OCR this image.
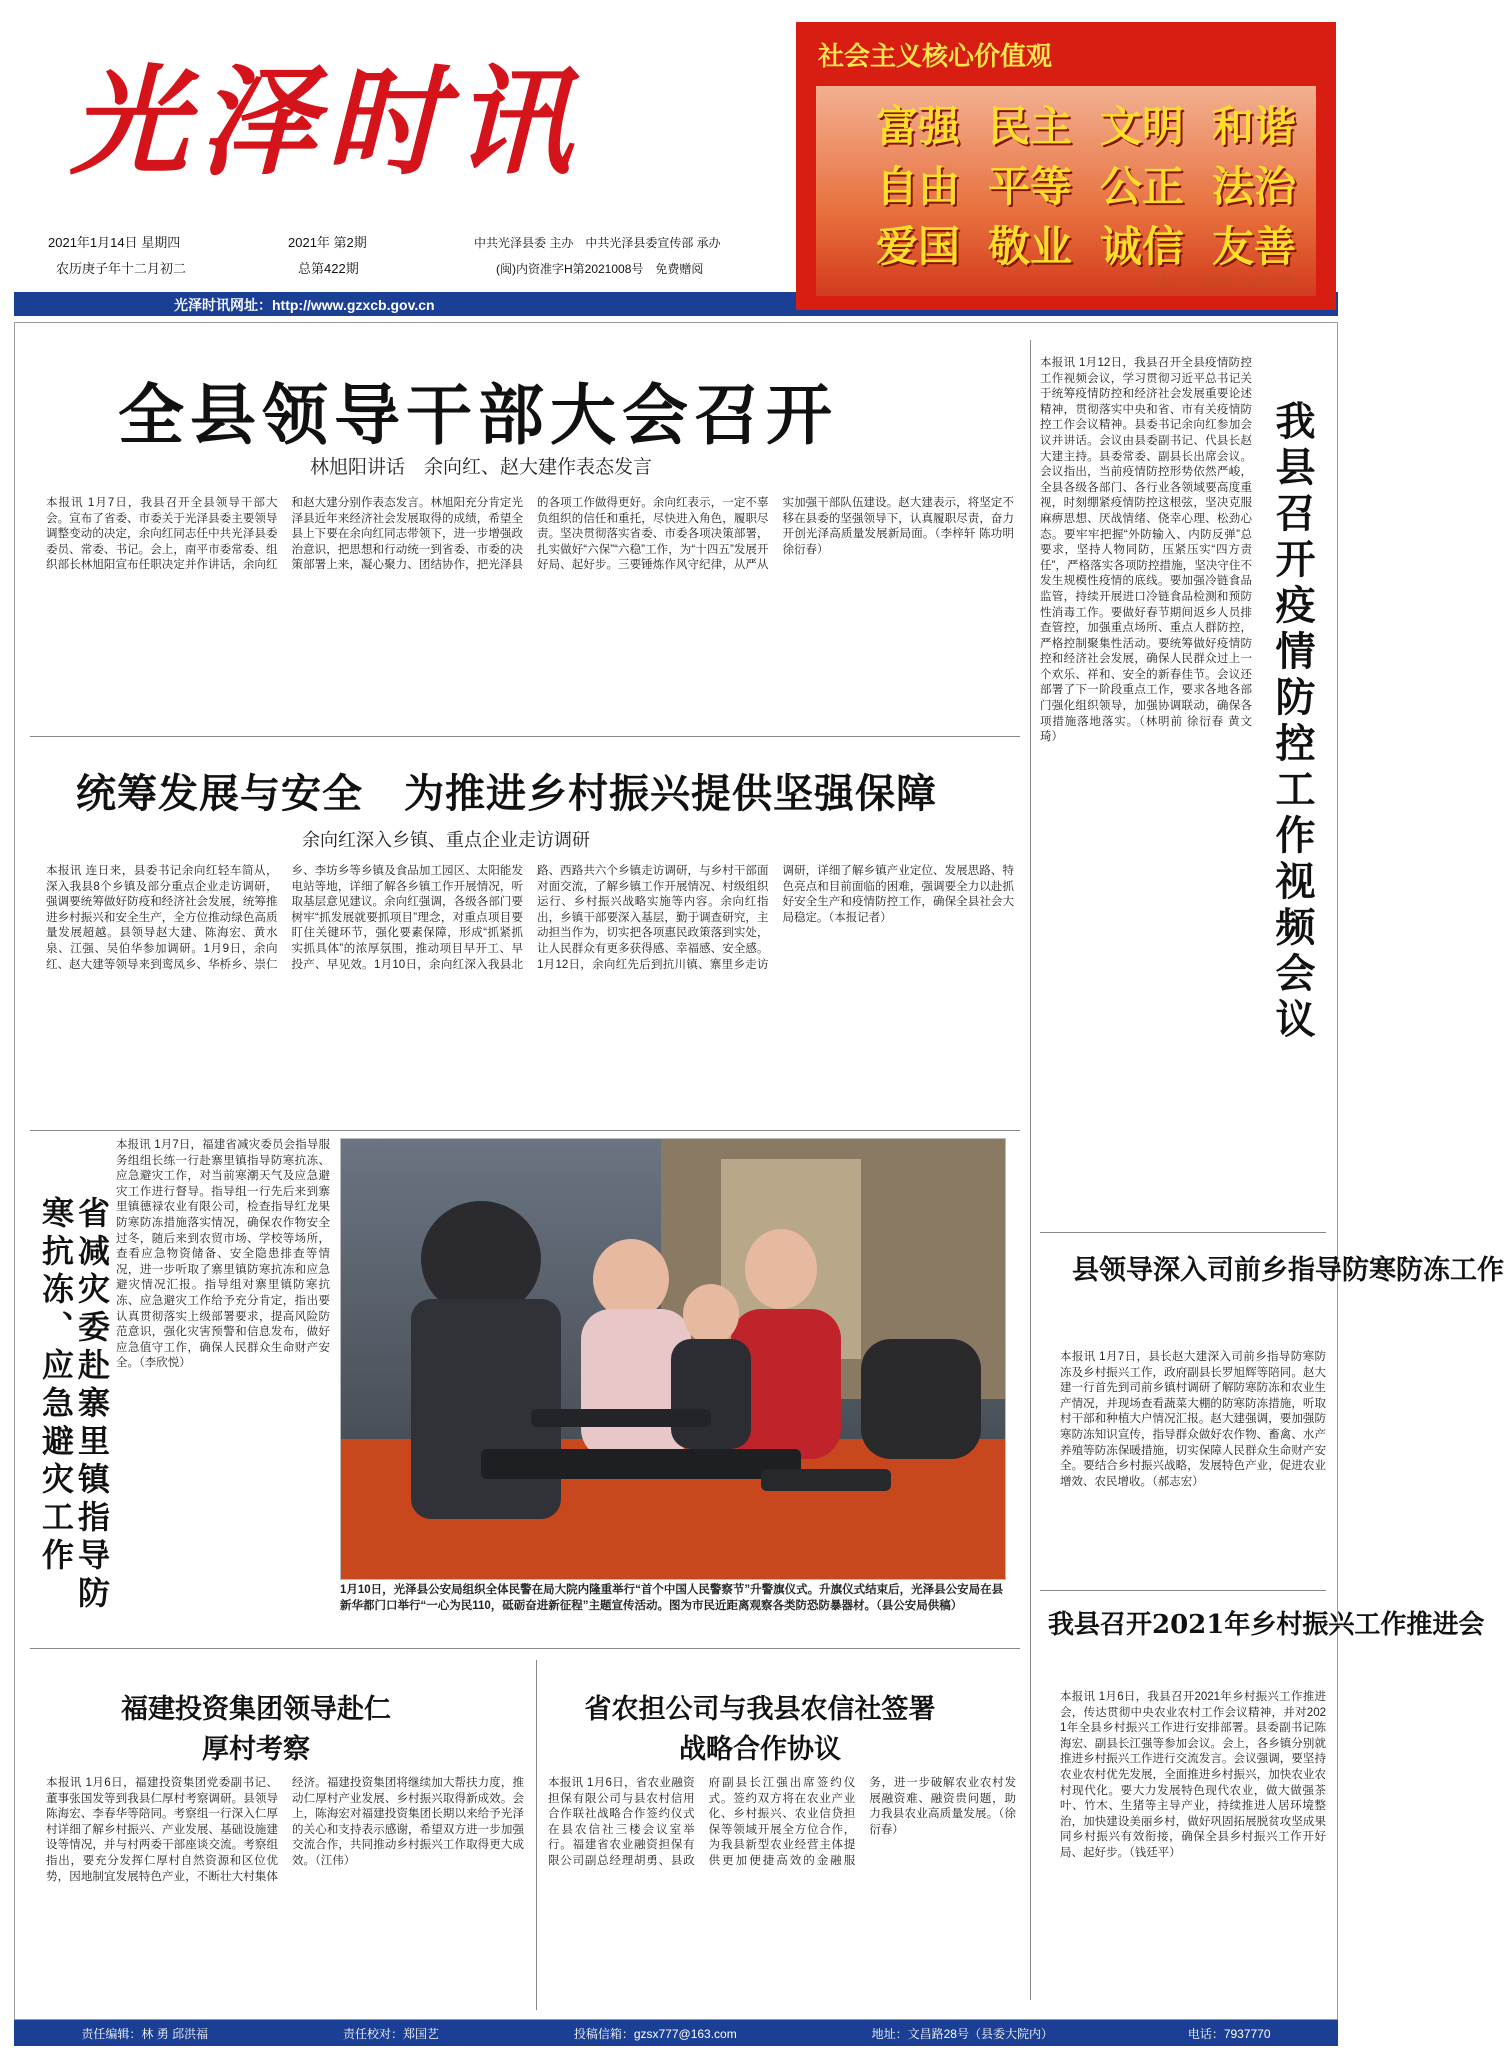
光泽时讯
2021年1月14日 星期四
农历庚子年十二月初二
2021年 第2期
总第422期
中共光泽县委 主办　中共光泽县委宣传部 承办
(闽)内资准字H第2021008号　免费赠阅
光泽时讯网址：http://www.gzxcb.gov.cn
社会主义核心价值观
富强 民主 文明 和谐
自由 平等 公正 法治
爱国 敬业 诚信 友善
中国文明网 公益广告
全县领导干部大会召开
林旭阳讲话　余向红、赵大建作表态发言
本报讯 1月7日，我县召开全县领导干部大会。宣布了省委、市委关于光泽县委主要领导调整变动的决定，余向红同志任中共光泽县委委员、常委、书记。会上，南平市委常委、组织部长林旭阳宣布任职决定并作讲话，余向红和赵大建分别作表态发言。林旭阳充分肯定光泽县近年来经济社会发展取得的成绩，希望全县上下要在余向红同志带领下，进一步增强政治意识，把思想和行动统一到省委、市委的决策部署上来，凝心聚力、团结协作，把光泽县的各项工作做得更好。余向红表示，一定不辜负组织的信任和重托，尽快进入角色，履职尽责。坚决贯彻落实省委、市委各项决策部署，扎实做好“六保”“六稳”工作，为“十四五”发展开好局、起好步。三要锤炼作风守纪律，从严从实加强干部队伍建设。赵大建表示，将坚定不移在县委的坚强领导下，认真履职尽责，奋力开创光泽高质量发展新局面。（李梓轩 陈功明 徐衍春）
统筹发展与安全　为推进乡村振兴提供坚强保障
余向红深入乡镇、重点企业走访调研
本报讯 连日来，县委书记余向红轻车简从，深入我县8个乡镇及部分重点企业走访调研，强调要统筹做好防疫和经济社会发展，统筹推进乡村振兴和安全生产，全方位推动绿色高质量发展超越。县领导赵大建、陈海宏、黄水泉、江强、吴伯华参加调研。1月9日，余向红、赵大建等领导来到鸾凤乡、华桥乡、崇仁乡、李坊乡等乡镇及食品加工园区、太阳能发电站等地，详细了解各乡镇工作开展情况，听取基层意见建议。余向红强调，各级各部门要树牢“抓发展就要抓项目”理念，对重点项目要盯住关键环节，强化要素保障，形成“抓紧抓实抓具体”的浓厚氛围，推动项目早开工、早投产、早见效。1月10日，余向红深入我县北路、西路共六个乡镇走访调研，与乡村干部面对面交流，了解乡镇工作开展情况、村级组织运行、乡村振兴战略实施等内容。余向红指出，乡镇干部要深入基层，勤于调查研究，主动担当作为，切实把各项惠民政策落到实处，让人民群众有更多获得感、幸福感、安全感。1月12日，余向红先后到抗川镇、寨里乡走访调研，详细了解乡镇产业定位、发展思路、特色亮点和目前面临的困难，强调要全力以赴抓好安全生产和疫情防控工作，确保全县社会大局稳定。（本报记者）
本报讯 1月12日，我县召开全县疫情防控工作视频会议，学习贯彻习近平总书记关于统筹疫情防控和经济社会发展重要论述精神，贯彻落实中央和省、市有关疫情防控工作会议精神。县委书记余向红参加会议并讲话。会议由县委副书记、代县长赵大建主持。县委常委、副县长出席会议。会议指出，当前疫情防控形势依然严峻，全县各级各部门、各行业各领域要高度重视，时刻绷紧疫情防控这根弦，坚决克服麻痹思想、厌战情绪、侥幸心理、松劲心态。要牢牢把握“外防输入、内防反弹”总要求，坚持人物同防，压紧压实“四方责任”，严格落实各项防控措施，坚决守住不发生规模性疫情的底线。要加强冷链食品监管，持续开展进口冷链食品检测和预防性消毒工作。要做好春节期间返乡人员排查管控，加强重点场所、重点人群防控，严格控制聚集性活动。要统筹做好疫情防控和经济社会发展，确保人民群众过上一个欢乐、祥和、安全的新春佳节。会议还部署了下一阶段重点工作，要求各地各部门强化组织领导，加强协调联动，确保各项措施落地落实。（林明前 徐衍春 黄文琦）	我县召开疫情防控工作视频会议
县领导深入司前乡指导防寒防冻工作
本报讯 1月7日，县长赵大建深入司前乡指导防寒防冻及乡村振兴工作，政府副县长罗旭辉等陪同。赵大建一行首先到司前乡镇村调研了解防寒防冻和农业生产情况，并现场查看蔬菜大棚的防寒防冻措施，听取村干部和种植大户情况汇报。赵大建强调，要加强防寒防冻知识宣传，指导群众做好农作物、畜禽、水产养殖等防冻保暖措施，切实保障人民群众生命财产安全。要结合乡村振兴战略，发展特色产业，促进农业增效、农民增收。（郝志宏）
我县召开2021年乡村振兴工作推进会
本报讯 1月6日，我县召开2021年乡村振兴工作推进会，传达贯彻中央农业农村工作会议精神，并对2021年全县乡村振兴工作进行安排部署。县委副书记陈海宏、副县长江强等参加会议。会上，各乡镇分别就推进乡村振兴工作进行交流发言。会议强调，要坚持农业农村优先发展，全面推进乡村振兴，加快农业农村现代化。要大力发展特色现代农业，做大做强茶叶、竹木、生猪等主导产业，持续推进人居环境整治，加快建设美丽乡村，做好巩固拓展脱贫攻坚成果同乡村振兴有效衔接，确保全县乡村振兴工作开好局、起好步。（钱廷平）
省减灾委赴寨里镇指导防寒抗冻、应急避灾工作
本报讯 1月7日，福建省减灾委员会指导服务组组长练一行赴寨里镇指导防寒抗冻、应急避灾工作，对当前寒潮天气及应急避灾工作进行督导。指导组一行先后来到寨里镇德禄农业有限公司，检查指导红龙果防寒防冻措施落实情况，确保农作物安全过冬，随后来到农贸市场、学校等场所，查看应急物资储备、安全隐患排查等情况，进一步听取了寨里镇防寒抗冻和应急避灾情况汇报。指导组对寨里镇防寒抗冻、应急避灾工作给予充分肯定，指出要认真贯彻落实上级部署要求，提高风险防范意识，强化灾害预警和信息发布，做好应急值守工作，确保人民群众生命财产安全。（李欣悦）
1月10日，光泽县公安局组织全体民警在局大院内隆重举行“首个中国人民警察节”升警旗仪式。升旗仪式结束后，光泽县公安局在县新华都门口举行“一心为民110，砥砺奋进新征程”主题宣传活动。图为市民近距离观察各类防恐防暴器材。（县公安局供稿）
福建投资集团领导赴仁厚村考察
本报讯 1月6日，福建投资集团党委副书记、董事张国发等到我县仁厚村考察调研。县领导陈海宏、李春华等陪同。考察组一行深入仁厚村详细了解乡村振兴、产业发展、基础设施建设等情况，并与村两委干部座谈交流。考察组指出，要充分发挥仁厚村自然资源和区位优势，因地制宜发展特色产业，不断壮大村集体经济。福建投资集团将继续加大帮扶力度，推动仁厚村产业发展、乡村振兴取得新成效。会上，陈海宏对福建投资集团长期以来给予光泽的关心和支持表示感谢，希望双方进一步加强交流合作，共同推动乡村振兴工作取得更大成效。（江伟）
省农担公司与我县农信社签署战略合作协议
本报讯 1月6日，省农业融资担保有限公司与县农村信用合作联社战略合作签约仪式在县农信社三楼会议室举行。福建省农业融资担保有限公司副总经理胡勇、县政府副县长江强出席签约仪式。签约双方将在农业产业化、乡村振兴、农业信贷担保等领域开展全方位合作，为我县新型农业经营主体提供更加便捷高效的金融服务，进一步破解农业农村发展融资难、融资贵问题，助力我县农业高质量发展。（徐衍春）
责任编辑：林 勇 邱洪福	责任校对：郑国艺	投稿信箱：gzsx777@163.com	地址：文昌路28号（县委大院内）	电话：7937770
